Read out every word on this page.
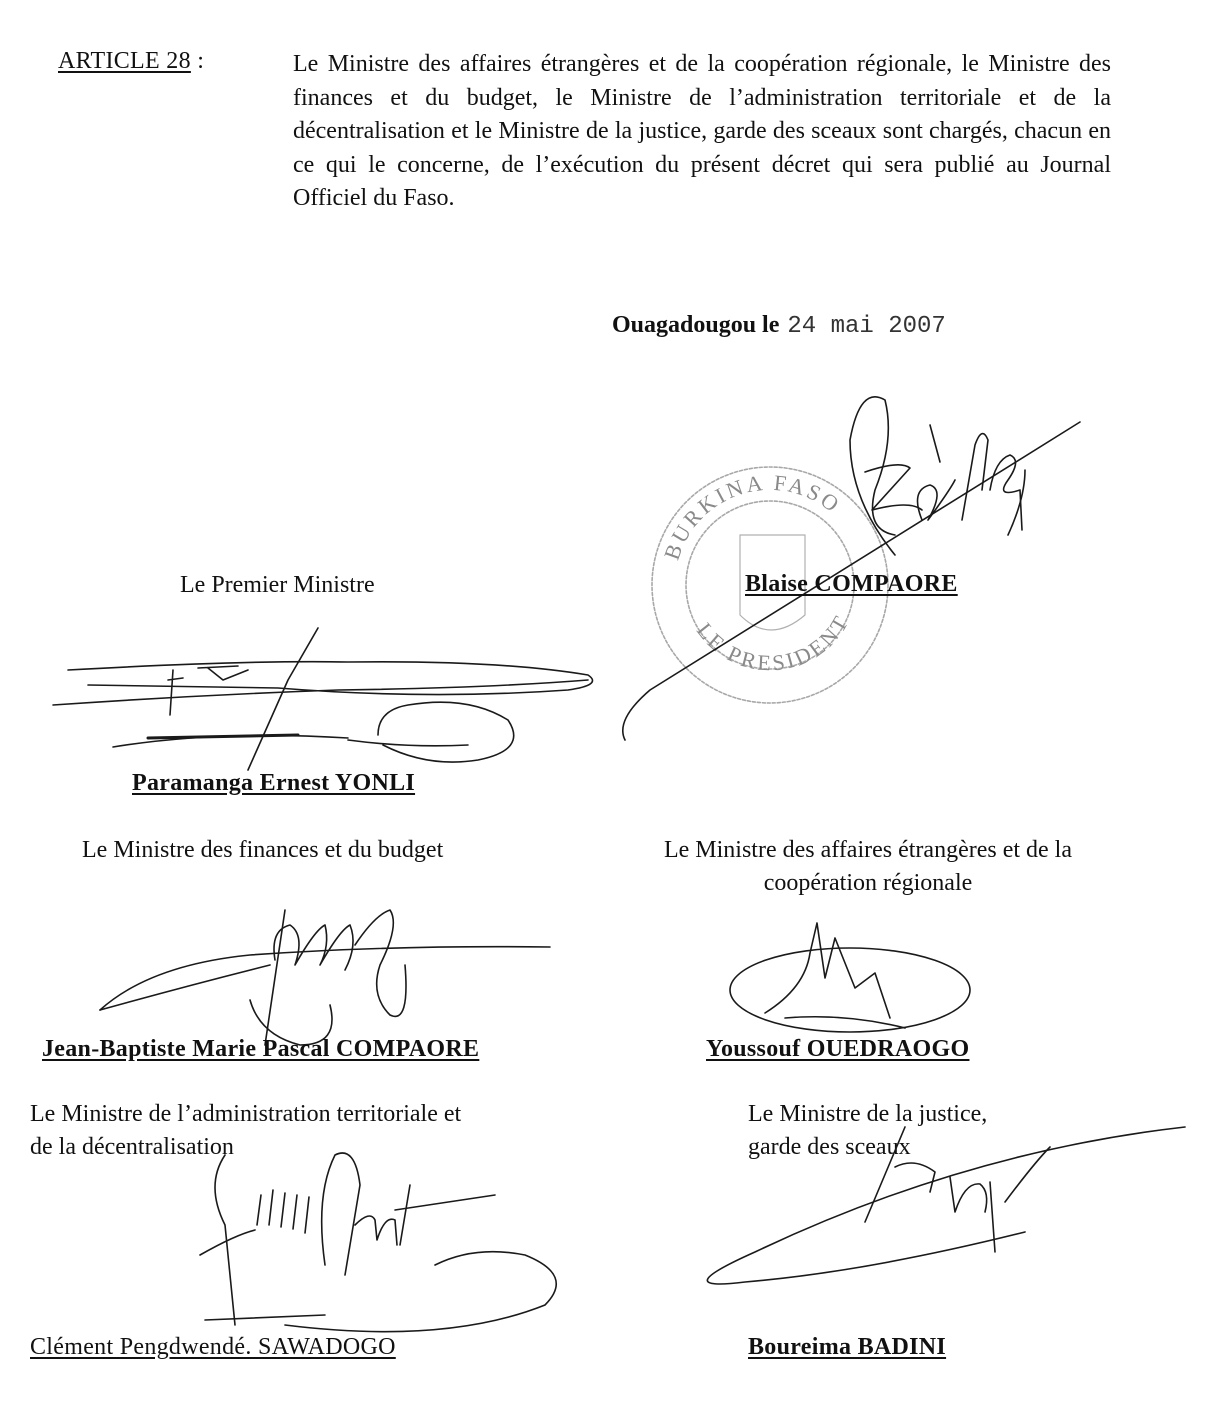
ARTICLE 28 :	Le Ministre des affaires étrangères et de la coopération régionale, le Ministre des finances et du budget, le Ministre de l’administration territoriale et de la décentralisation et le Ministre de la justice, garde des sceaux sont chargés, chacun en ce qui le concerne, de l’exécution du présent décret qui sera publié au Journal Officiel du Faso.
Ouagadougou le 24 mai 2007
BURKINA FASO
LE PRESIDENT
Blaise COMPAORE
Le Premier Ministre
Paramanga Ernest YONLI
Le Ministre des finances et du budget
Jean-Baptiste Marie Pascal COMPAORE
Le Ministre des affaires étrangères et de la
coopération régionale
Youssouf OUEDRAOGO
Le Ministre de l’administration territoriale et
de la décentralisation
Clément Pengdwendé. SAWADOGO
Le Ministre de la justice,
garde des sceaux
Boureima BADINI
